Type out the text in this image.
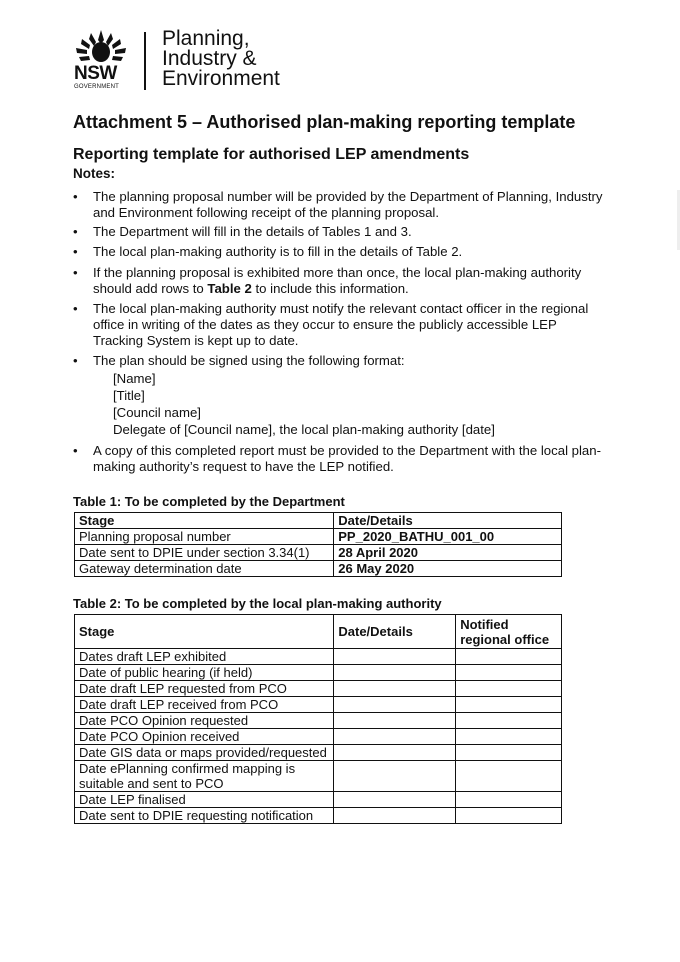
NSW
GOVERNMENT
Planning,
Industry &
Environment
Attachment 5 – Authorised plan-making reporting template
Reporting template for authorised LEP amendments
Notes:
• The planning proposal number will be provided by the Department of Planning, Industry and Environment following receipt of the planning proposal.
• The Department will fill in the details of Tables 1 and 3.
• The local plan-making authority is to fill in the details of Table 2.
• If the planning proposal is exhibited more than once, the local plan-making authority should add rows to Table 2 to include this information.
• The local plan-making authority must notify the relevant contact officer in the regional office in writing of the dates as they occur to ensure the publicly accessible LEP Tracking System is kept up to date.
• The plan should be signed using the following format:
[Name]
[Title]
[Council name]
Delegate of [Council name], the local plan-making authority [date]
• A copy of this completed report must be provided to the Department with the local plan-making authority’s request to have the LEP notified.
Table 1: To be completed by the Department
Stage	Date/Details
Planning proposal number	PP_2020_BATHU_001_00
Date sent to DPIE under section 3.34(1)	28 April 2020
Gateway determination date	26 May 2020
Table 2: To be completed by the local plan-making authority
Stage	Date/Details	Notified regional office
Dates draft LEP exhibited		
Date of public hearing (if held)		
Date draft LEP requested from PCO		
Date draft LEP received from PCO		
Date PCO Opinion requested		
Date PCO Opinion received		
Date GIS data or maps provided/requested		
Date ePlanning confirmed mapping is suitable and sent to PCO		
Date LEP finalised		
Date sent to DPIE requesting notification		
